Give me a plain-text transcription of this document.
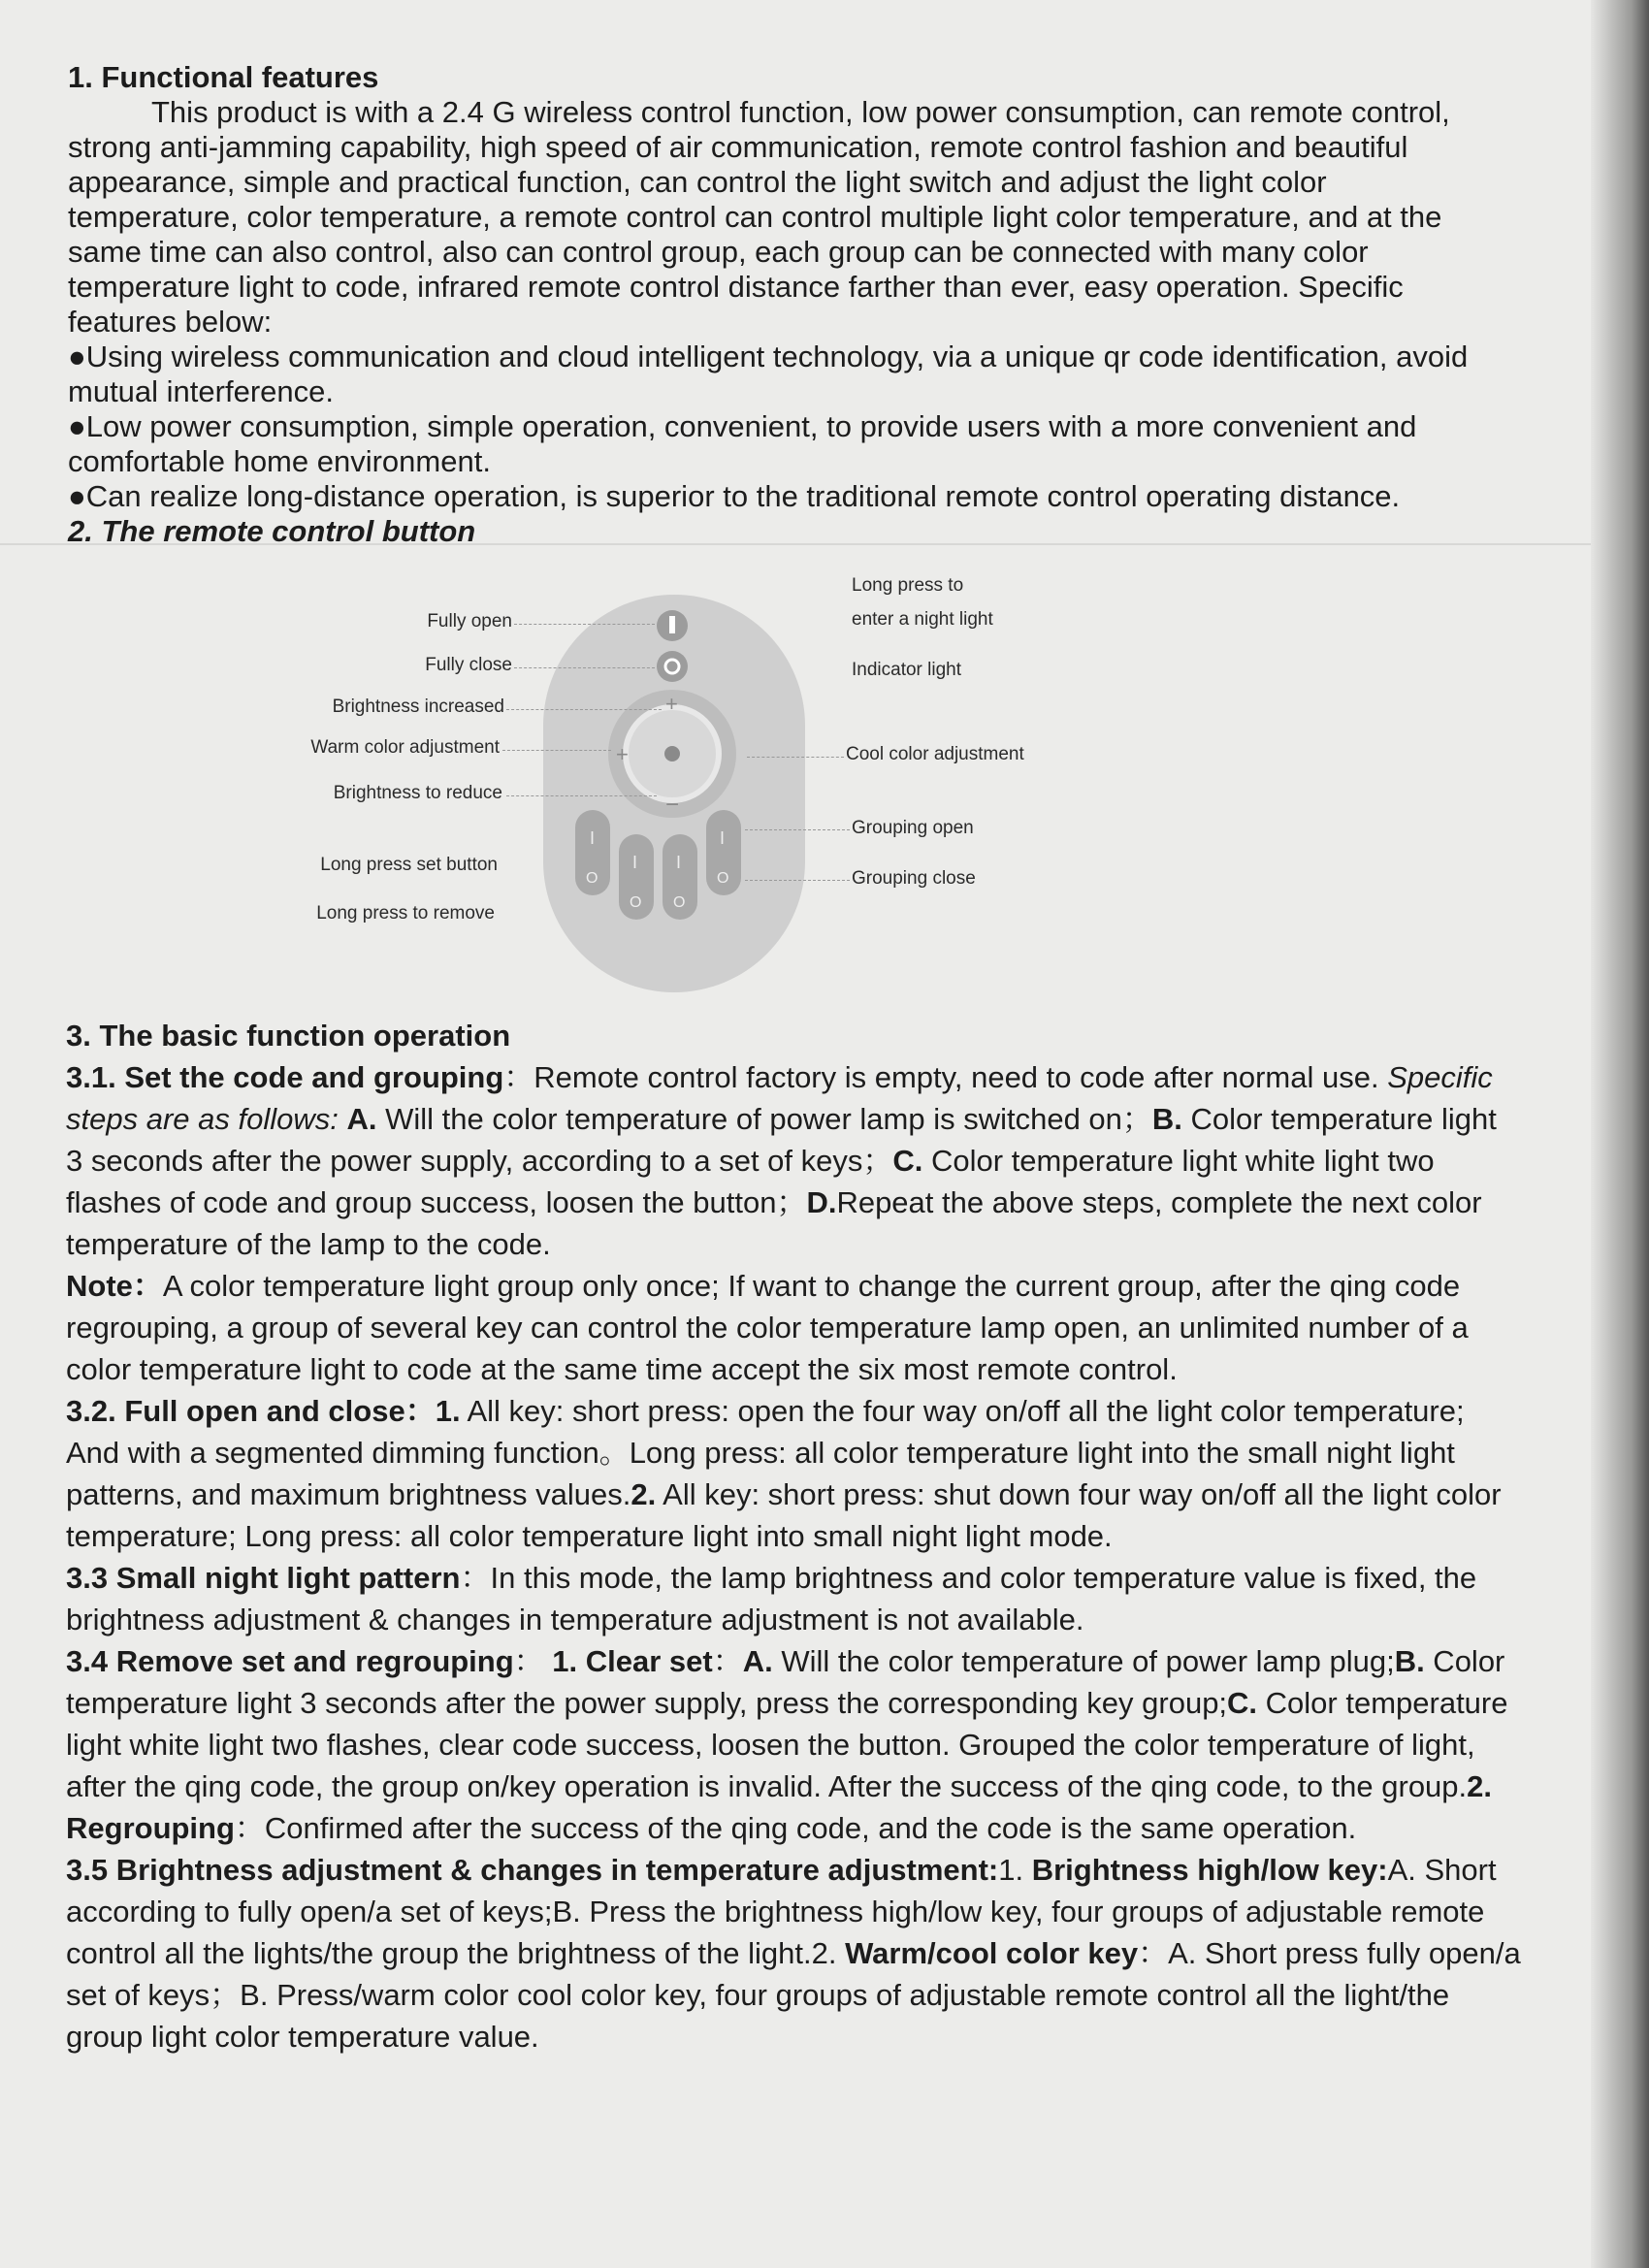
1. Functional features

This product is with a 2.4 G wireless control function, low power consumption, can remote control, strong anti-jamming capability, high speed of air communication, remote control fashion and beautiful appearance, simple and practical function, can control the light switch and adjust the light color temperature, color temperature, a remote control can control multiple light color temperature, and at the same time can also control, also can control group, each group can be connected with many color temperature light to code, infrared remote control distance farther than ever, easy operation. Specific features below:

●Using wireless communication and cloud intelligent technology, via a unique qr code identification, avoid mutual interference.

●Low power consumption, simple operation, convenient, to provide users with a more convenient and comfortable home environment.

●Can realize long-distance operation, is superior to the traditional remote control operating distance.

2. The remote control button

+
−
+
I
O
I
O
I
O
I
O
Fully open
Fully close
Brightness increased
Warm color adjustment
Brightness to reduce
Long press set button
Long press to remove
Long press to
enter a night light
Indicator light
Cool color adjustment
Grouping open
Grouping close

3. The basic function operation

3.1. Set the code and grouping：Remote control factory is empty, need to code after normal use. Specific steps are as follows: A. Will the color temperature of power lamp is switched on；B. Color temperature light 3 seconds after the power supply, according to a set of keys；C. Color temperature light white light two flashes of code and group success, loosen the button；D.Repeat the above steps, complete the next color temperature of the lamp to the code.

Note：A color temperature light group only once; If want to change the current group, after the qing code regrouping, a group of several key can control the color temperature lamp open, an unlimited number of a color temperature light to code at the same time accept the six most remote control.

3.2. Full open and close：1. All key: short press: open the four way on/off all the light color temperature; And with a segmented dimming function。Long press: all color temperature light into the small night light patterns, and maximum brightness values.2. All key: short press: shut down four way on/off all the light color temperature; Long press: all color temperature light into small night light mode.

3.3 Small night light pattern：In this mode, the lamp brightness and color temperature value is fixed, the brightness adjustment & changes in temperature adjustment is not available.

3.4 Remove set and regrouping： 1. Clear set：A. Will the color temperature of power lamp plug;B. Color temperature light 3 seconds after the power supply, press the corresponding key group;C. Color temperature light white light two flashes, clear code success, loosen the button. Grouped the color temperature of light, after the qing code, the group on/key operation is invalid. After the success of the qing code, to the group.2. Regrouping：Confirmed after the success of the qing code, and the code is the same operation.

3.5 Brightness adjustment & changes in temperature adjustment:1. Brightness high/low key:A. Short according to fully open/a set of keys;B. Press the brightness high/low key, four groups of adjustable remote control all the lights/the group the brightness of the light.2. Warm/cool color key：A. Short press fully open/a set of keys；B. Press/warm color cool color key, four groups of adjustable remote control all the light/the group light color temperature value.
